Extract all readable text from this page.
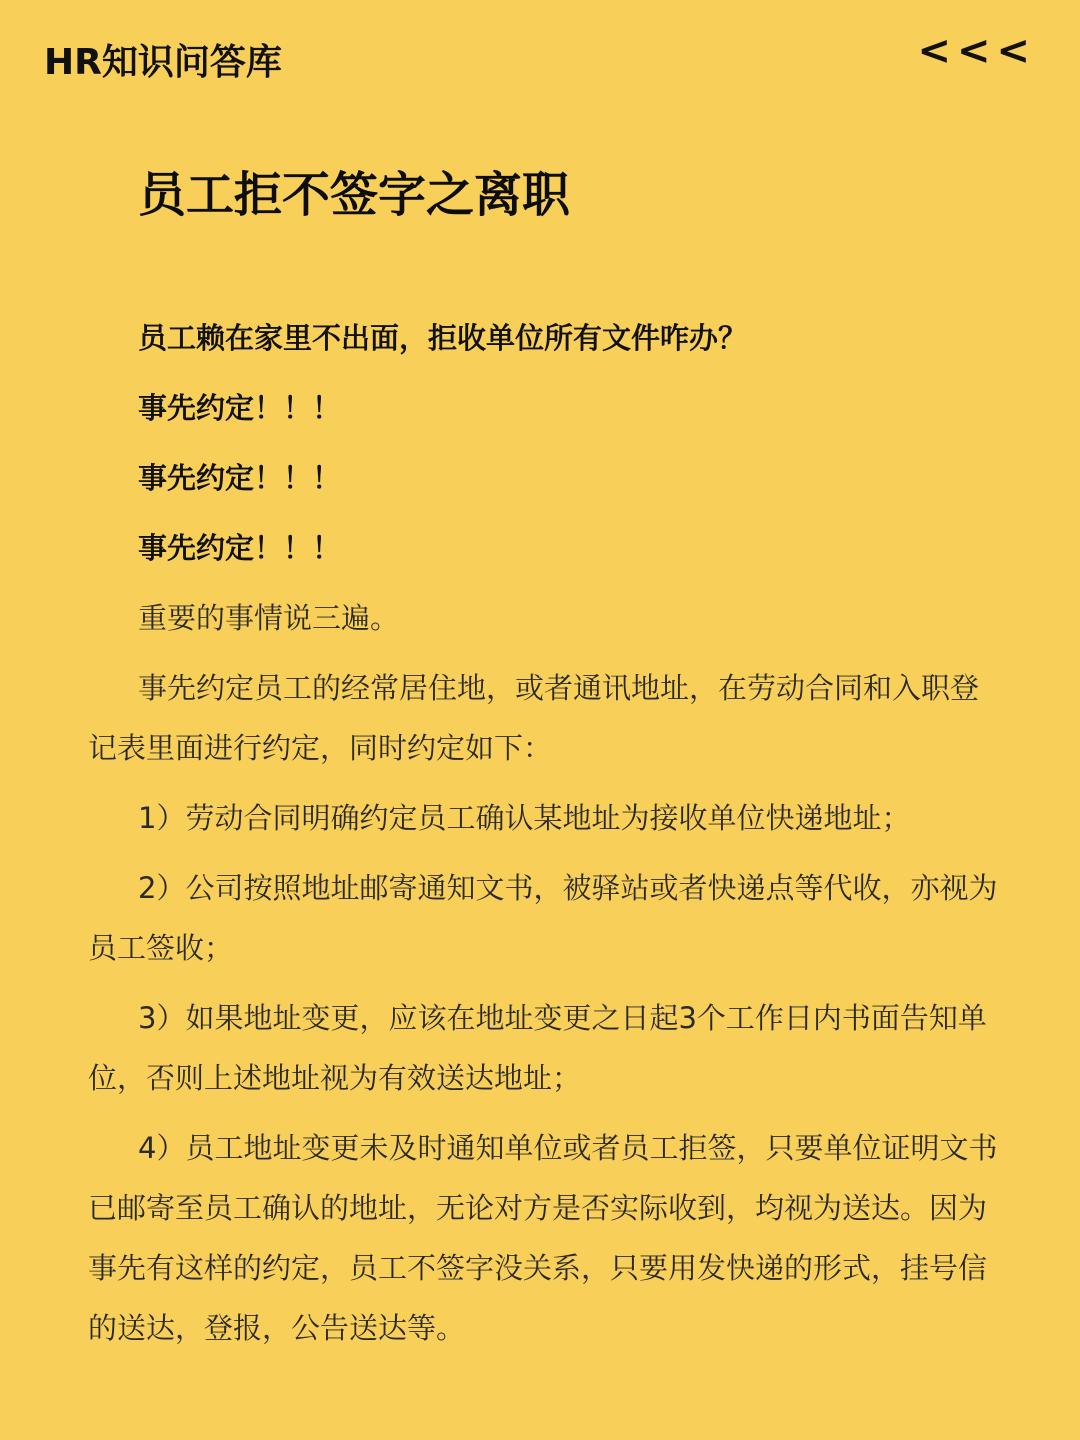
HR知识问答库	<<<
员工拒不签字之离职

员工赖在家里不出面，拒收单位所有文件咋办？

事先约定！！！

事先约定！！！

事先约定！！！

重要的事情说三遍。

事先约定员工的经常居住地，或者通讯地址，在劳动合同和入职登记表里面进行约定，同时约定如下：

1）劳动合同明确约定员工确认某地址为接收单位快递地址；

2）公司按照地址邮寄通知文书，被驿站或者快递点等代收，亦视为员工签收；

3）如果地址变更，应该在地址变更之日起3个工作日内书面告知单位，否则上述地址视为有效送达地址；

4）员工地址变更未及时通知单位或者员工拒签，只要单位证明文书已邮寄至员工确认的地址，无论对方是否实际收到，均视为送达。因为事先有这样的约定，员工不签字没关系，只要用发快递的形式，挂号信的送达，登报，公告送达等。
